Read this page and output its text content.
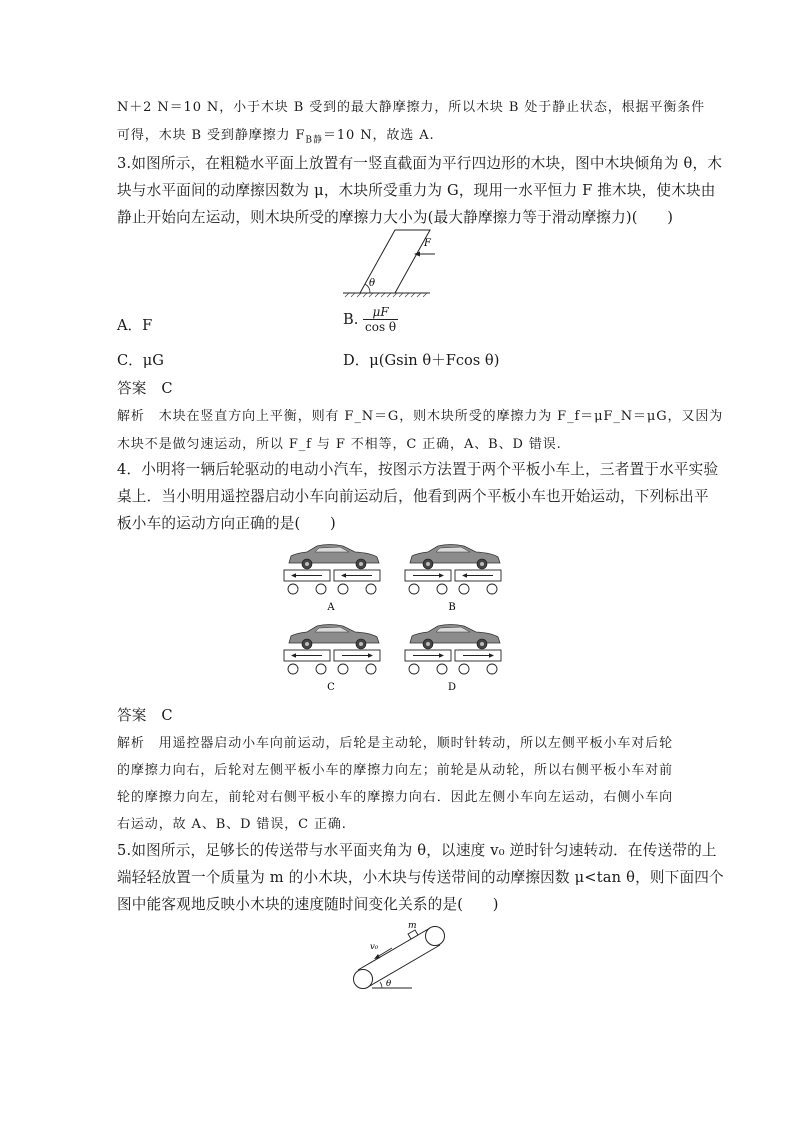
N＋2 N＝10 N，小于木块 B 受到的最大静摩擦力，所以木块 B 处于静止状态，根据平衡条件
可得，木块 B 受到静摩擦力 $F_{B静}=10$ N，故选 A.
3.如图所示，在粗糙水平面上放置有一竖直截面为平行四边形的木块，图中木块倾角为 θ，木
块与水平面间的动摩擦因数为 μ，木块所受重力为 G，现用一水平恒力 F 推木块，使木块由
静止开始向左运动，则木块所受的摩擦力大小为(最大静摩擦力等于滑动摩擦力)(　　)
θ
F
A．F	B. $\frac{\mu F}{\text{cos θ}}$
C．μG	D．μ(Gsin θ＋Fcos θ)
答案　C
解析　木块在竖直方向上平衡，则有 F_N＝G，则木块所受的摩擦力为 F_f＝μF_N＝μG，又因为
木块不是做匀速运动，所以 F_f 与 F 不相等，C 正确，A、B、D 错误.
4．小明将一辆后轮驱动的电动小汽车，按图示方法置于两个平板小车上，三者置于水平实验
桌上．当小明用遥控器启动小车向前运动后，他看到两个平板小车也开始运动，下列标出平
板小车的运动方向正确的是(　　)
A	B
C	D
答案　C
解析　用遥控器启动小车向前运动，后轮是主动轮，顺时针转动，所以左侧平板小车对后轮
的摩擦力向右，后轮对左侧平板小车的摩擦力向左；前轮是从动轮，所以右侧平板小车对前
轮的摩擦力向左，前轮对右侧平板小车的摩擦力向右．因此左侧小车向左运动，右侧小车向
右运动，故 A、B、D 错误，C 正确.
5.如图所示，足够长的传送带与水平面夹角为 θ，以速度 v₀ 逆时针匀速转动．在传送带的上
端轻轻放置一个质量为 m 的小木块，小木块与传送带间的动摩擦因数 μ<tan θ，则下面四个
图中能客观地反映小木块的速度随时间变化关系的是(　　)
m
v₀
θ
